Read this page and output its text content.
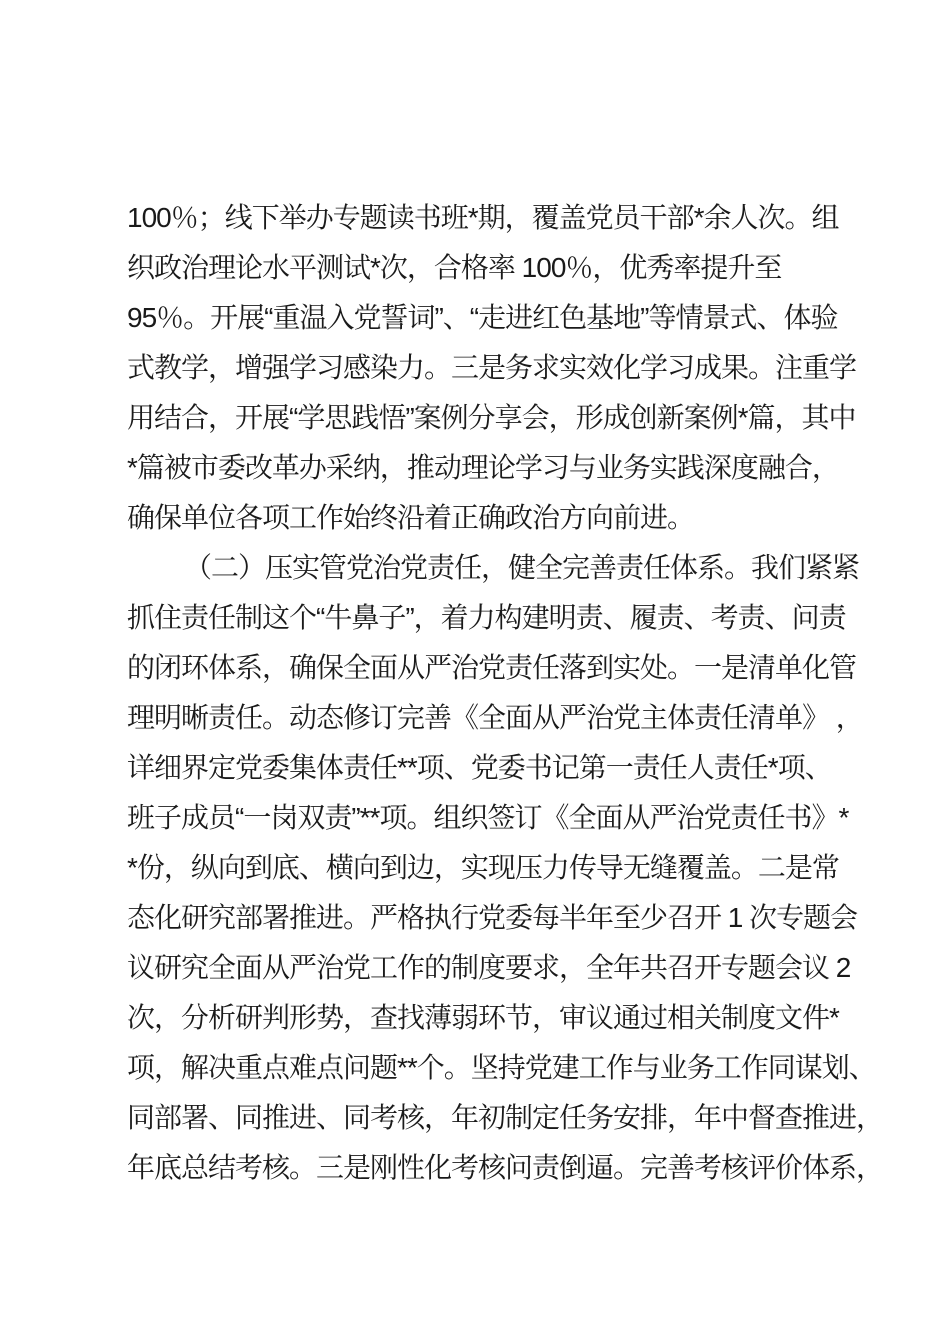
100％；线下举办专题读书班*期，覆盖党员干部*余人次。组
织政治理论水平测试*次，合格率 100％，优秀率提升至
95％。开展“重温入党誓词”、“走进红色基地”等情景式、体验
式教学，增强学习感染力。三是务求实效化学习成果。注重学
用结合，开展“学思践悟”案例分享会，形成创新案例*篇，其中
*篇被市委改革办采纳，推动理论学习与业务实践深度融合，
确保单位各项工作始终沿着正确政治方向前进。
（二）压实管党治党责任，健全完善责任体系。我们紧紧
抓住责任制这个“牛鼻子”，着力构建明责、履责、考责、问责
的闭环体系，确保全面从严治党责任落到实处。一是清单化管
理明晰责任。动态修订完善《全面从严治党主体责任清单》 ，
详细界定党委集体责任**项、党委书记第一责任人责任*项、
班子成员“一岗双责”**项。组织签订《全面从严治党责任书》*
*份，纵向到底、横向到边，实现压力传导无缝覆盖。二是常
态化研究部署推进。严格执行党委每半年至少召开 1 次专题会
议研究全面从严治党工作的制度要求，全年共召开专题会议 2
次，分析研判形势，查找薄弱环节，审议通过相关制度文件*
项，解决重点难点问题**个。坚持党建工作与业务工作同谋划、
同部署、同推进、同考核，年初制定任务安排，年中督查推进，
年底总结考核。三是刚性化考核问责倒逼。完善考核评价体系，
